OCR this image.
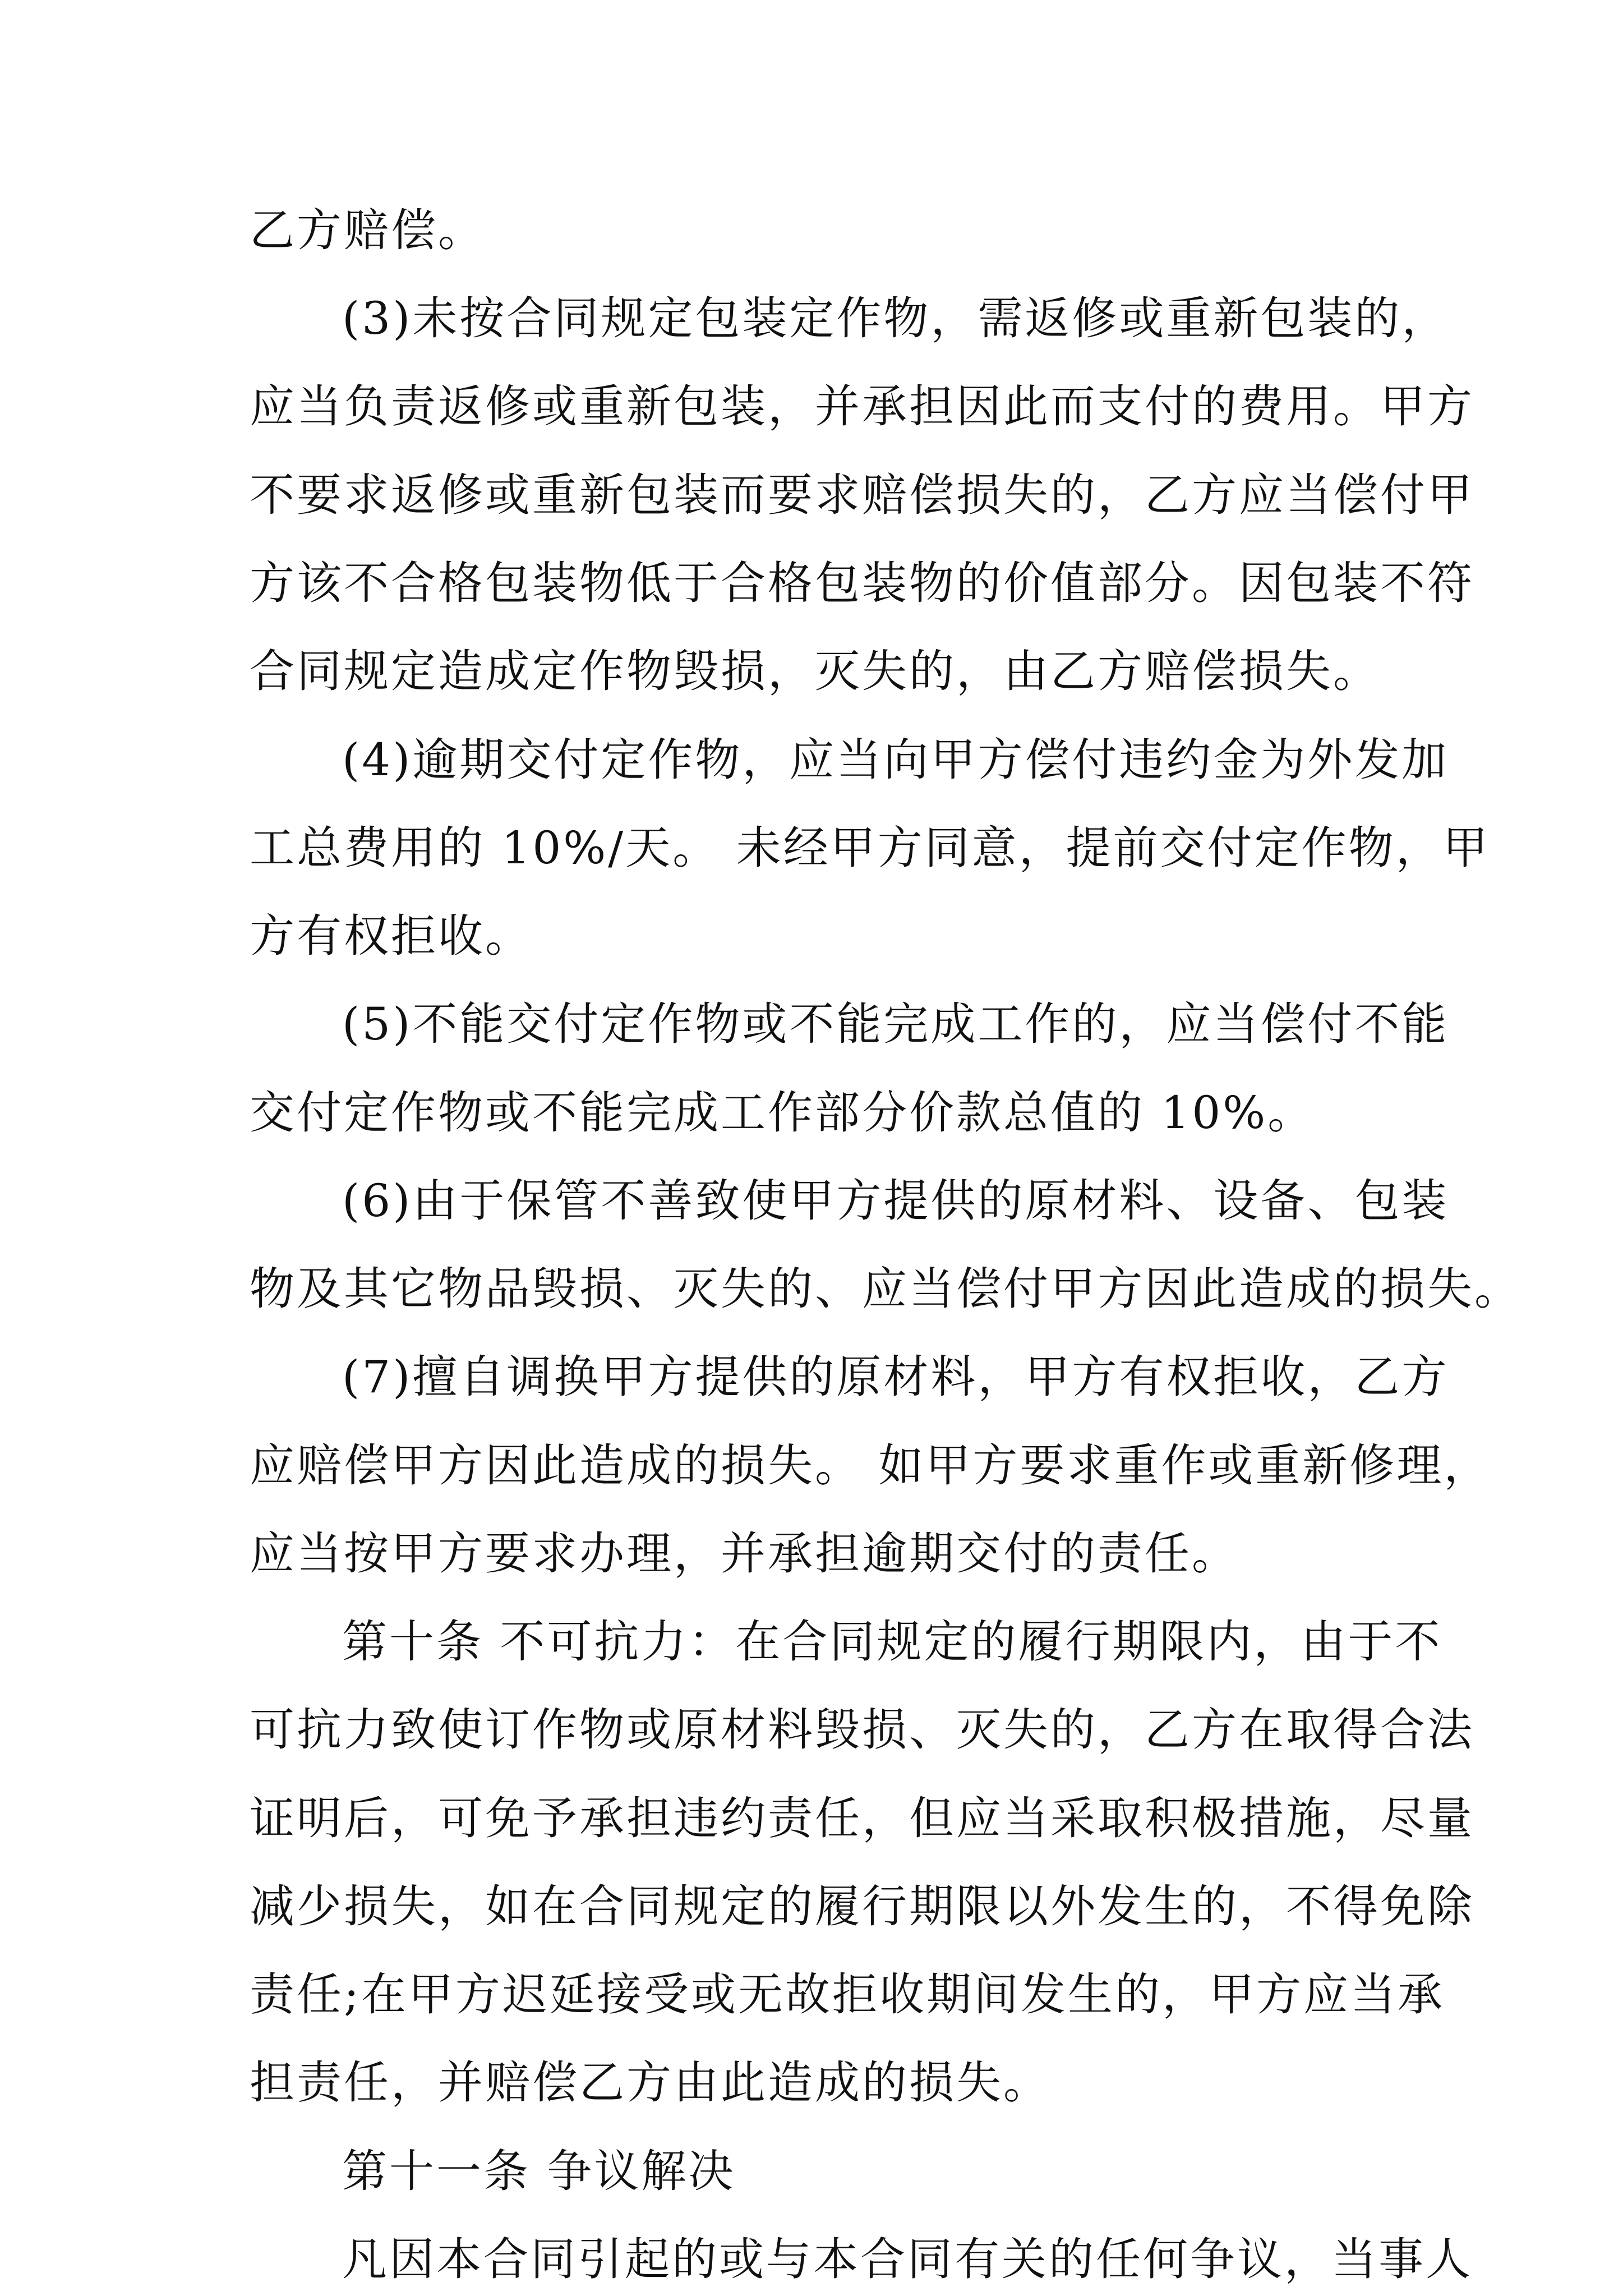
乙方赔偿。
(3)未按合同规定包装定作物，需返修或重新包装的，
应当负责返修或重新包装，并承担因此而支付的费用。甲方
不要求返修或重新包装而要求赔偿损失的，乙方应当偿付甲
方该不合格包装物低于合格包装物的价值部分。因包装不符
合同规定造成定作物毁损，灭失的，由乙方赔偿损失。
(4)逾期交付定作物，应当向甲方偿付违约金为外发加
工总费用的 10%/天。 未经甲方同意，提前交付定作物，甲
方有权拒收。
(5)不能交付定作物或不能完成工作的，应当偿付不能
交付定作物或不能完成工作部分价款总值的 10%。
(6)由于保管不善致使甲方提供的原材料、设备、包装
物及其它物品毁损、灭失的、应当偿付甲方因此造成的损失。
(7)擅自调换甲方提供的原材料，甲方有权拒收，乙方
应赔偿甲方因此造成的损失。 如甲方要求重作或重新修理，
应当按甲方要求办理，并承担逾期交付的责任。
第十条 不可抗力：在合同规定的履行期限内，由于不
可抗力致使订作物或原材料毁损、灭失的，乙方在取得合法
证明后，可免予承担违约责任，但应当采取积极措施，尽量
减少损失，如在合同规定的履行期限以外发生的，不得免除
责任;在甲方迟延接受或无故拒收期间发生的，甲方应当承
担责任，并赔偿乙方由此造成的损失。
第十一条 争议解决
凡因本合同引起的或与本合同有关的任何争议，当事人
